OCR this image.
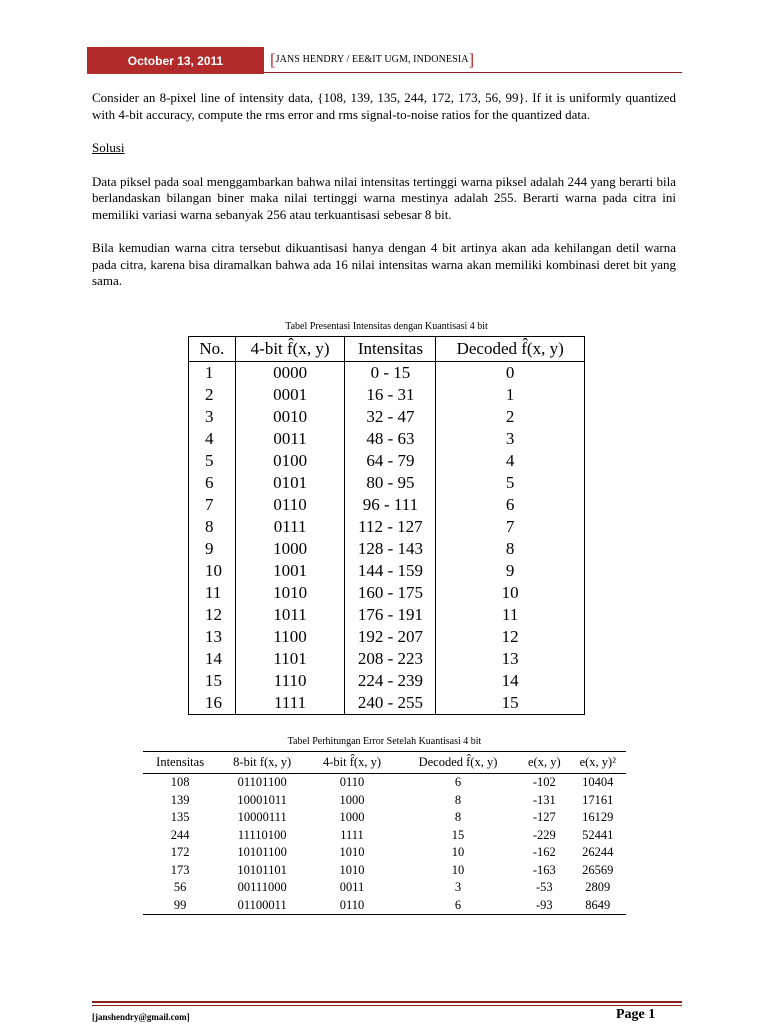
October 13, 2011	[ JANS HENDRY / EE&IT UGM, INDONESIA ]

Consider an 8-pixel line of intensity data, {108, 139, 135, 244, 172, 173, 56, 99}. If it is uniformly quantized with 4-bit accuracy, compute the rms error and rms signal-to-noise ratios for the quantized data.

Solusi

Data piksel pada soal menggambarkan bahwa nilai intensitas tertinggi warna piksel adalah 244 yang berarti bila berlandaskan bilangan biner maka nilai tertinggi warna mestinya adalah 255. Berarti warna pada citra ini memiliki variasi warna sebanyak 256 atau terkuantisasi sebesar 8 bit.

Bila kemudian warna citra tersebut dikuantisasi hanya dengan 4 bit artinya akan ada kehilangan detil warna pada citra, karena bisa diramalkan bahwa ada 16 nilai intensitas warna akan memiliki kombinasi deret bit yang sama.

Tabel Presentasi Intensitas dengan Kuantisasi 4 bit
No.	4-bit f̂(x, y)	Intensitas	Decoded f̂(x, y)
1	0000	0 - 15	0
2	0001	16 - 31	1
3	0010	32 - 47	2
4	0011	48 - 63	3
5	0100	64 - 79	4
6	0101	80 - 95	5
7	0110	96 - 111	6
8	0111	112 - 127	7
9	1000	128 - 143	8
10	1001	144 - 159	9
11	1010	160 - 175	10
12	1011	176 - 191	11
13	1100	192 - 207	12
14	1101	208 - 223	13
15	1110	224 - 239	14
16	1111	240 - 255	15
Tabel Perhitungan Error Setelah Kuantisasi 4 bit
Intensitas	8-bit f(x, y)	4-bit f̂(x, y)	Decoded f̂(x, y)	e(x, y)	e(x, y)²
108	01101100	0110	6	-102	10404
139	10001011	1000	8	-131	17161
135	10000111	1000	8	-127	16129
244	11110100	1111	15	-229	52441
172	10101100	1010	10	-162	26244
173	10101101	1010	10	-163	26569
56	00111000	0011	3	-53	2809
99	01100011	0110	6	-93	8649
[janshendry@gmail.com]	Page 1
